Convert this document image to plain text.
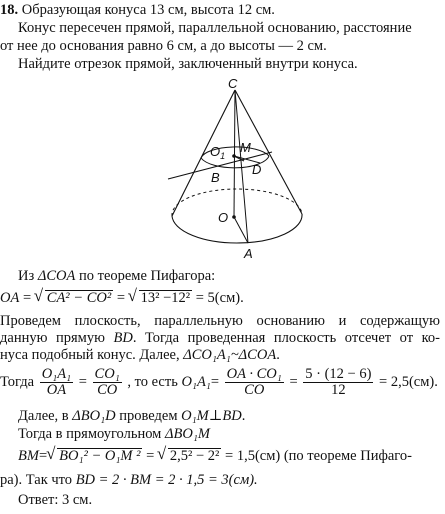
18. Образующая конуса 13 см, высота 12 см.
Конус пересечен прямой, параллельной основанию, расстояние
от нее до основания равно 6 см, а до высоты — 2 см.
Найдите отрезок прямой, заключенный внутри конуса.
C
$O_1$
M
B
D
O
A
Из ΔCOA по теореме Пифагора:
OA = √ CA² − CO² = √ 13² −12² = 5(см).
Проведем плоскость, параллельную основанию и содержащую
данную прямую BD. Тогда проведенная плоскость отсечет от ко-
нуса подобный конус. Далее, ΔCO₁A₁~ΔCOA.
Тогда $\frac{\text{O₁A₁}}{OA} = \frac{\text{CO₁}}{CO}$ , то есть $O_1A_1= \frac{\text{OA · CO₁}}{CO} = \frac{5 \cdot (12 - 6)}{12} = 2,5(см)$.
Далее, в ΔBO₁D проведем O₁M⊥BD.
Тогда в прямоугольном ΔBO₁M
BM=√ BO₁² − O₁M ² = √ 2,5² − 2² = 1,5(см) (по теореме Пифаго-
ра). Так что BD = 2 · BM = 2 · 1,5 = 3(см).
Ответ: 3 см.
